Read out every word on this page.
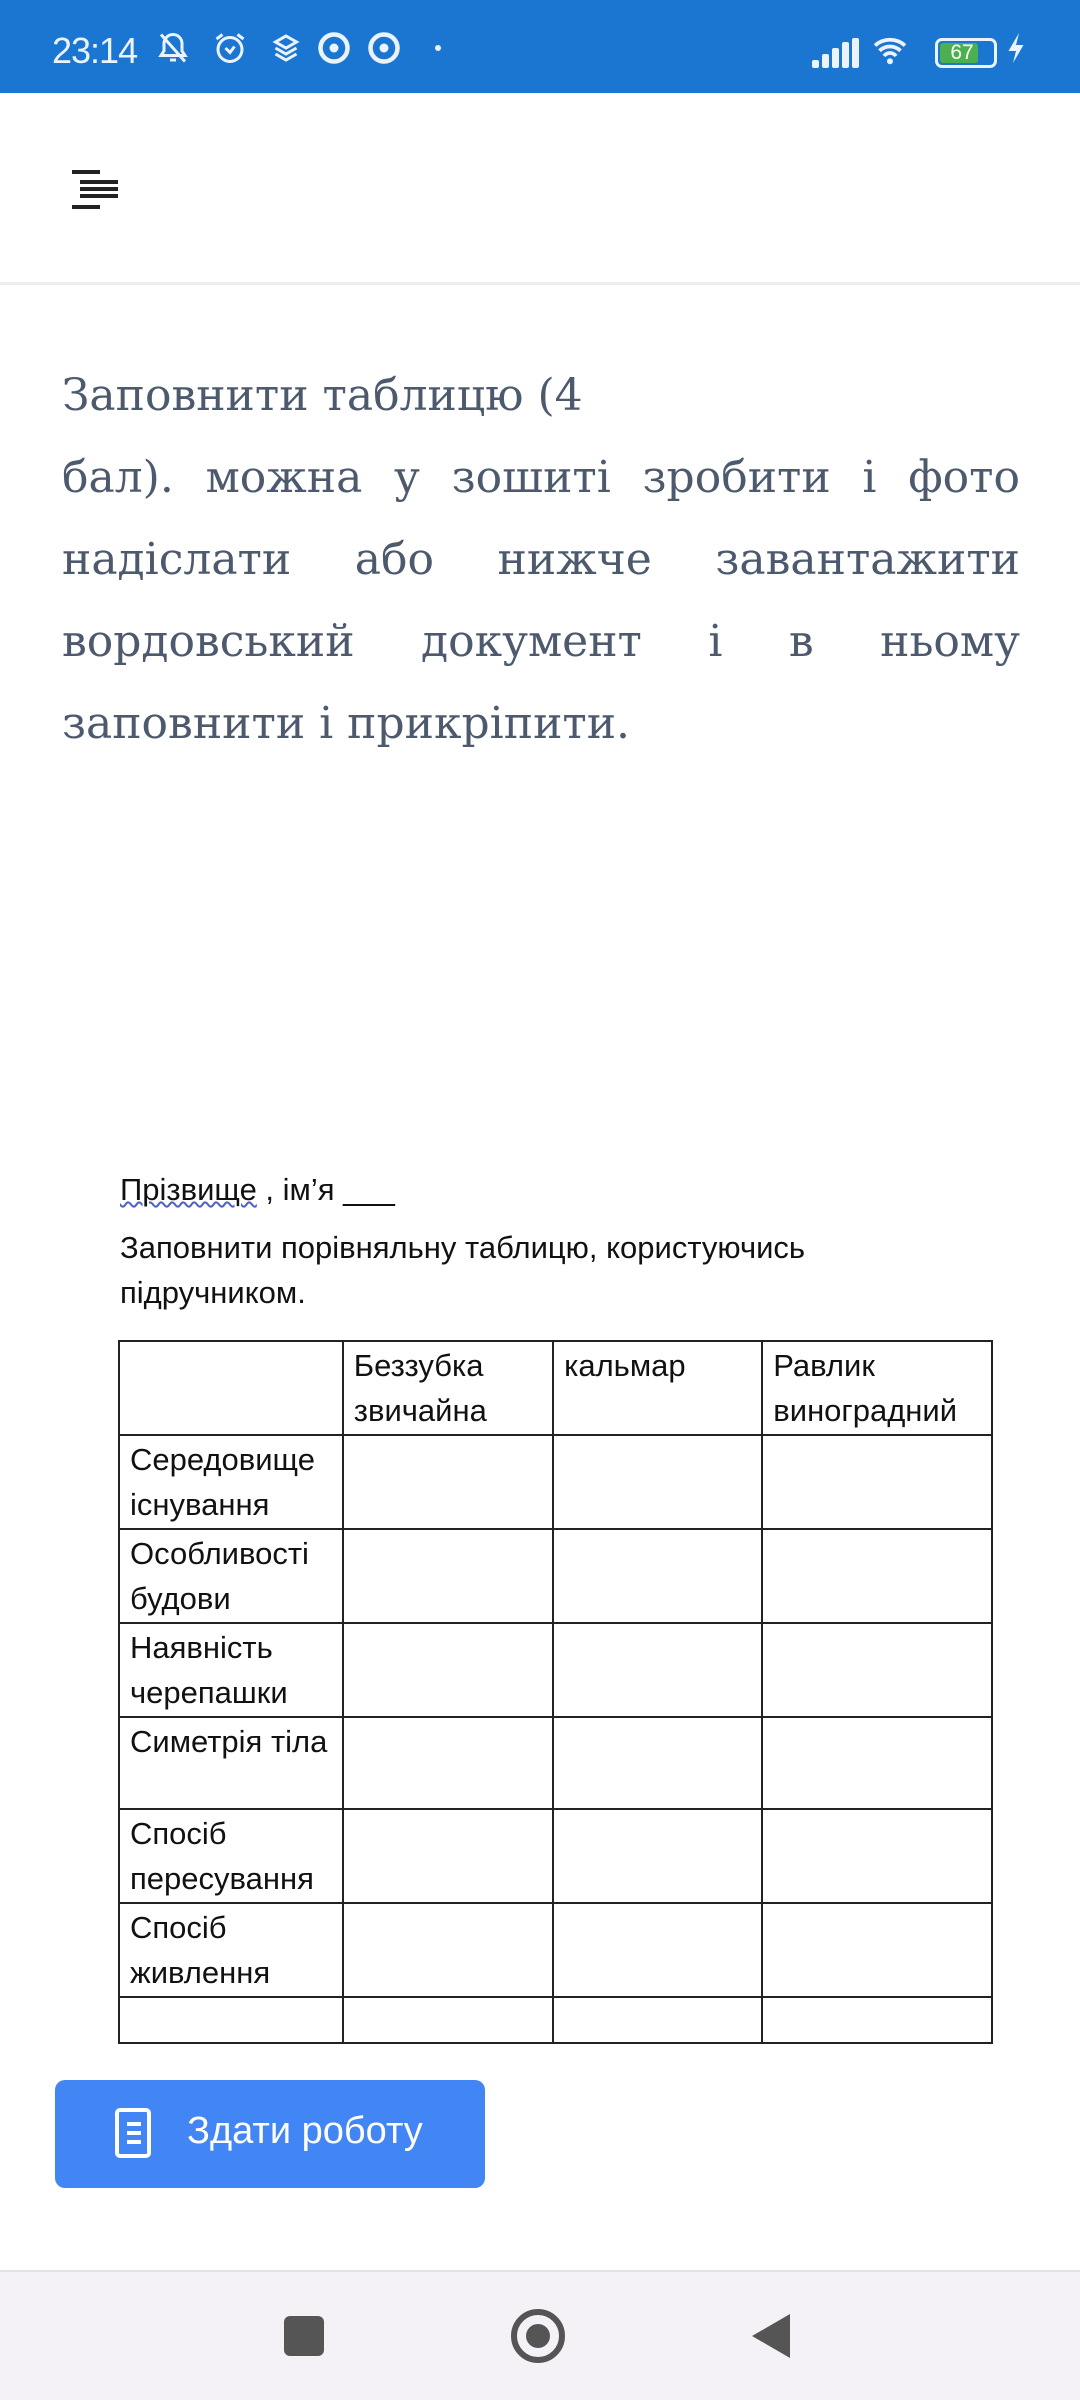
23:14	67
Заповнити таблицю (4
бал). можна у зошиті зробити і фото
надіслати або нижче завантажити
вордовський документ і в ньому
заповнити і прикріпити.
Прізвище , ім’я ___
Заповнити порівняльну таблицю, користуючись підручником.
	Беззубка звичайна	кальмар	Равлик виноградний
Середовище існування			
Особливості будови			
Наявність черепашки			
Симетрія тіла			
Спосіб пересування			
Спосіб живлення			

Здати роботу
